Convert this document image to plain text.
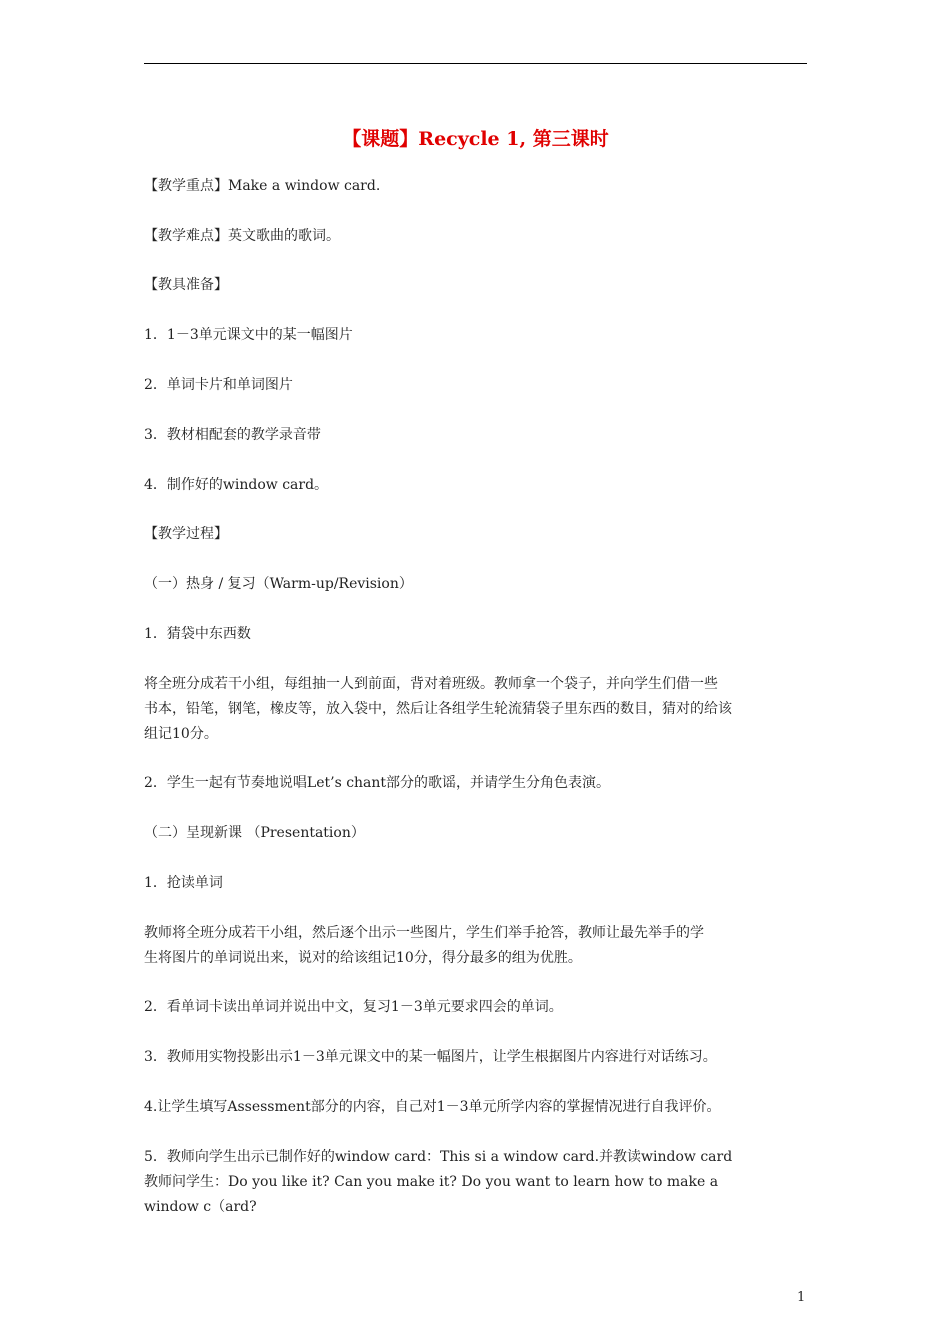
【课题】Recycle 1, 第三课时
【教学重点】Make a window card.
【教学难点】英文歌曲的歌词。
【教具准备】
1．1－3单元课文中的某一幅图片
2．单词卡片和单词图片
3．教材相配套的教学录音带
4．制作好的window card。
【教学过程】
（一）热身 / 复习（Warm-up/Revision）
1．猜袋中东西数
将全班分成若干小组，每组抽一人到前面，背对着班级。教师拿一个袋子，并向学生们借一些
书本，铅笔，钢笔，橡皮等，放入袋中，然后让各组学生轮流猜袋子里东西的数目，猜对的给该
组记10分。
2．学生一起有节奏地说唱Let’s chant部分的歌谣，并请学生分角色表演。
（二）呈现新课 （Presentation）
1．抢读单词
教师将全班分成若干小组，然后逐个出示一些图片，学生们举手抢答，教师让最先举手的学
生将图片的单词说出来，说对的给该组记10分，得分最多的组为优胜。
2．看单词卡读出单词并说出中文，复习1－3单元要求四会的单词。
3．教师用实物投影出示1－3单元课文中的某一幅图片，让学生根据图片内容进行对话练习。
4.让学生填写Assessment部分的内容，自己对1－3单元所学内容的掌握情况进行自我评价。
5．教师向学生出示已制作好的window card：This si a window card.并教读window card
教师问学生：Do you like it? Can you make it? Do you want to learn how to make a
window c（ard?
1
